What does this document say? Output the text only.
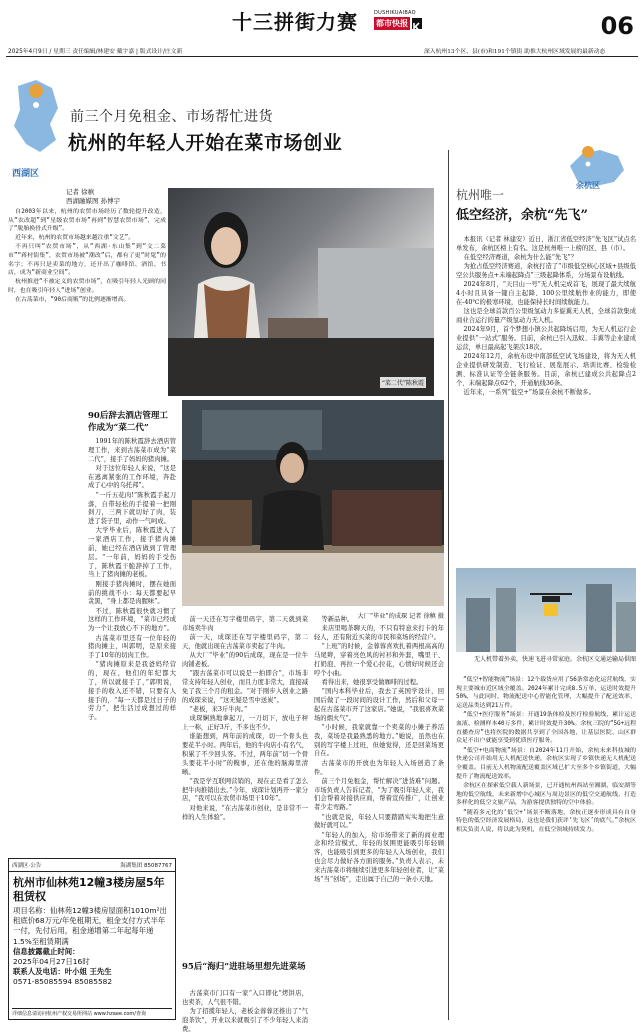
十三拼街力赛	DUSHIKUAIBAO
都市快报	06
2025年4月9日 / 星期三 责任编辑/林建安 戴宇嘉 | 版式设计/庄文新	深入杭州13个区、县(市)和191个镇街 助推大杭州区域发展的最新动态
西湖区
前三个月免租金、市场帮忙进货
杭州的年轻人开始在菜市场创业
记者 徐稹
西湖融媒图 孙博宇

自2003年以来，杭州的农贸市场经历了数轮提升改造，从“农改超”到“星级农贸市场”再到“智慧农贸市场”，完成了“脱胎换骨式升级”。

近年来，杭州的农贸市场越来越注重“文艺”。

不再只叫“农贸市场”，从“西湖·东山集”到“文二菜市”“蒋村街集”，农贸市场被“潮改”后，都有了更“时髦”的名字；不再只是卖菜的地方，还开出了咖啡馆、酒馆、书店，成为“新商业空间”。

杭州推进“不被定义的农贸市场”，在吸引年轻人光顾的同时，也在吸引年轻人“进场”创业。

在古荡菜市，“90后商贩”的比例逐渐增高。

“菜二代”陈秋霞
90后辞去酒店管理工作成为“菜二代”

1991年的陈秋霞辞去酒店管理工作，来到古荡菜市成为“菜二代”，接手了妈妈的猪肉摊。

对于这位年轻人来说，“这是在逃离紧张的工作环境，奔赴成了心中的乌托邦”。

“一斤五花肉!”陈秋霞手起刀落，自带轻松的手提着一把刚剁刀，三两下就切好了肉，装进了袋子里，动作一气呵成。

大学毕业后，陈秋霞进入了一家酒店工作，接手猪肉摊前，她已经在酒店做到了管理层。“一年前，妈妈的手受伤了，陈秋霞干脆辞掉了工作，当上了猪肉摊的老板。

刚接手猪肉摊时，摆在她面前的挑战不小：每天都要起早贪黑，“身上都是肉腥味”。

不过，陈秋霞很快就习惯了这样的工作环境，“菜市已经成为一个让我放心不下的地方”。

古荡菜市里还有一位年轻的猪肉摊主，叫郭明，是原来接手了10年的切肉工作。

“猪肉摊原来是我爸妈经营的，现在，他们的年纪都大了，所以就接手了，”郭明说，接手的收入还不错，只要有人接手的，“每一天都是过日子的劳力”，把生活过成想过的样子。

大厂“毕业”的成琛 记者 徐稹 摄

前一天还在写字楼里码字，第二天就到菜市场卖牛肉

前一天，成琛还在写字楼里码字，第二天，他就出现在古荡菜市卖起了牛肉。

从大厂“毕业”的90后成琛，现在是一位牛肉铺老板。

“跟古荡菜市可以说是一拍即合”，市场非常支持年轻人创业，而且力度非常大，直接减免了我三个月的租金。“对于刚步入创业之路的成琛来说，“这无疑是雪中送炭”。

“老板，来3斤牛肉。”

成琛娴熟地拿起刀，一刀切下，放电子秤上一称，正好3斤，不多也不少。

谁能想到，两年前的成琛，切一个骨头也要花半小时。两年后，他的牛肉店小有名气，积累了不少回头客。不过，两年前“切一个骨头要花半小时”的糗事，还在他的脑海里清晰。

“我是学互联网营销的，现在正是看了怎么把牛肉推销出去。”今年，成琛计划再开一家分店，“我可以在农贸市场里干10年”。

对他来说，“在古荡菜市创业，是非常不一样的人生体验”。

95后“海归”进驻场里想先进菜场

古荡菜市门口有一家“入口即化”烤饼店，也卖茶，人气很不错。

为了招揽年轻人，老板金蓉蓉还推出了“气泡茶饮”，开业以来就吸引了不少年轻人来消费。

等新品种。

来店里喝茶聊天的，不只有特意来打卡的年轻人，还有附近买菜的市民和菜场的经营户。

“上班”的时候，金蓉蓉喜欢扎着两根高高的马尾辫，穿着亮色风的衬衫和外套，嘴里干、打奶泡、再拉一个爱心拉花，心情好时候还会哼个小曲。

看得出来，她很享受做咖啡的过程。

“国内本科毕业后，我去了英国学设计，回国后做了一段时间的设计工作，然后和父母一起在古荡菜市开了这家店。”她说，“我很喜欢菜场的烟火气”。

“小时候，我家就靠一个卖菜的小摊子养活我，菜场是我最熟悉的地方。”她说，虽然也在别的写字楼上过班，但她觉得，还是回菜场更自在。

古荡菜市的开放也为年轻人入场创造了条件。

前三个月免租金，帮忙解决“进货难”问题。市场负责人告诉记者，“为了吸引年轻人来，我们会帮着对接供应商，帮着宣传推广，让创业者少走弯路。”

“也就是说，年轻人只要踏踏实实地把生意做好就可以。”

“年轻人的加入，给市场带来了新的商业理念和经营模式，年轻的氛围更能吸引年轻顾客，也能吸引到更多的年轻人入场创业，我们也会尽力做好各方面的服务。”负责人表示，未来古荡菜市将继续引进更多年轻创业者，让“菜场”当“创场”，走出属于自己的一条小天地。

西湖区·公告	海湖集团 85087767
杭州市仙林苑12幢3楼房屋5年租赁权
项目名称：仙林苑12幢3楼房屋面积1010m²出租底价68万元/年免租期无，租金支付方式半年一付，先付后用，租金递增第二年起每年递1.5%至租赁期满
信息披露截止时间：
2025年04月27日16时
联系人及电话：叶小姐 王先生
0571-85085594 85085582
详细信息请访问杭州产权交易所网站 www.hzaee.com/查询
余杭区
杭州唯一
低空经济，余杭“先飞”

本报讯（记者 林建安）近日，浙江省低空经济“先飞区”试点名单发布，余杭区榜上有名。这是杭州唯一上榜的区、县（市）。

在低空经济赛道，余杭为什么能“先飞”？

为抢占低空经济赛道，余杭打造了“市级低空核心区域+县级低空公共服务点+未端起降点”三级起降体系，分场景布设航线。

2024年8月，“天目山一号”无人机完成首飞，展现了最大续航4小时且具备一键自主起降、100公里续航作业的能力，即使在-40℃的极寒环境，也能保持长时间续航能力。

这也是全球首款百公里级氢动力多旋翼无人机，全球首款集成商业合运行的量产级氢动力无人机。

2024年9月，首个梦想小镇公共起降场启用，为无人机运行企业提供“一站式”服务。目前，余杭已引入迅蚁、丰翼等企业建成运营，单日最高起飞架次18次。

2024年12月，余杭布设中南部低空试飞场建设，将为无人机企业提供研发制造、飞行检证、展览展示、培训比赛、检验检测、标准认证等全链条服务。目前，余杭已建成公共起降点2个、末端起降点62个，开通航线36条。

近年来，一系列“低空+”场景在余杭不断做多。

无人机带着外卖，快速飞进寻常家庭。余杭区交通运输局供图

“低空+智能物流”场景：12个载货应用了56条常态化运营航线，实现主要城市近区域全覆盖。2024年累计完成8.5万单，运送时效提升50%，与此同时，物流配送中心智能化管理，大幅提升了配送效率，运送品类达到21万件。

“低空+医疗服务”场景：开通19条体检及医疗检验航线，累计运送血液、检测样本40万多件，累计时效提升30%。余杭三院的“5G+远程直播查房”也将医院的数据共享到了全国各地，让基层医院、山区群众足不出户就能享受到优质医疗服务。

“低空+电商物流”场景：自2024年11月开始，余杭未来科技城的快递公司开始用无人机配送快递，余杭区实现了乡镇快递无人机配送全覆盖。目前无人机物流配送覆盖区域已扩大至多个乡镇街道，大幅提升了物流配送效率。

余杭区在探索低空载人新场景，已开通杭州西站至湘湖、临安湖等地的低空航线，未来新增中心城区与周边景区的低空交通航线，打造多样化的低空文旅产品，为游客提供独特的空中体验。

“随着多元化的‘低空+’场景不断落地，余杭正逐步形成具有自身特色的低空经济发展格局，这也是我们获评‘先飞区’的底气。”余杭区相关负责人说，将以此为契机，在低空领域持续发力。
